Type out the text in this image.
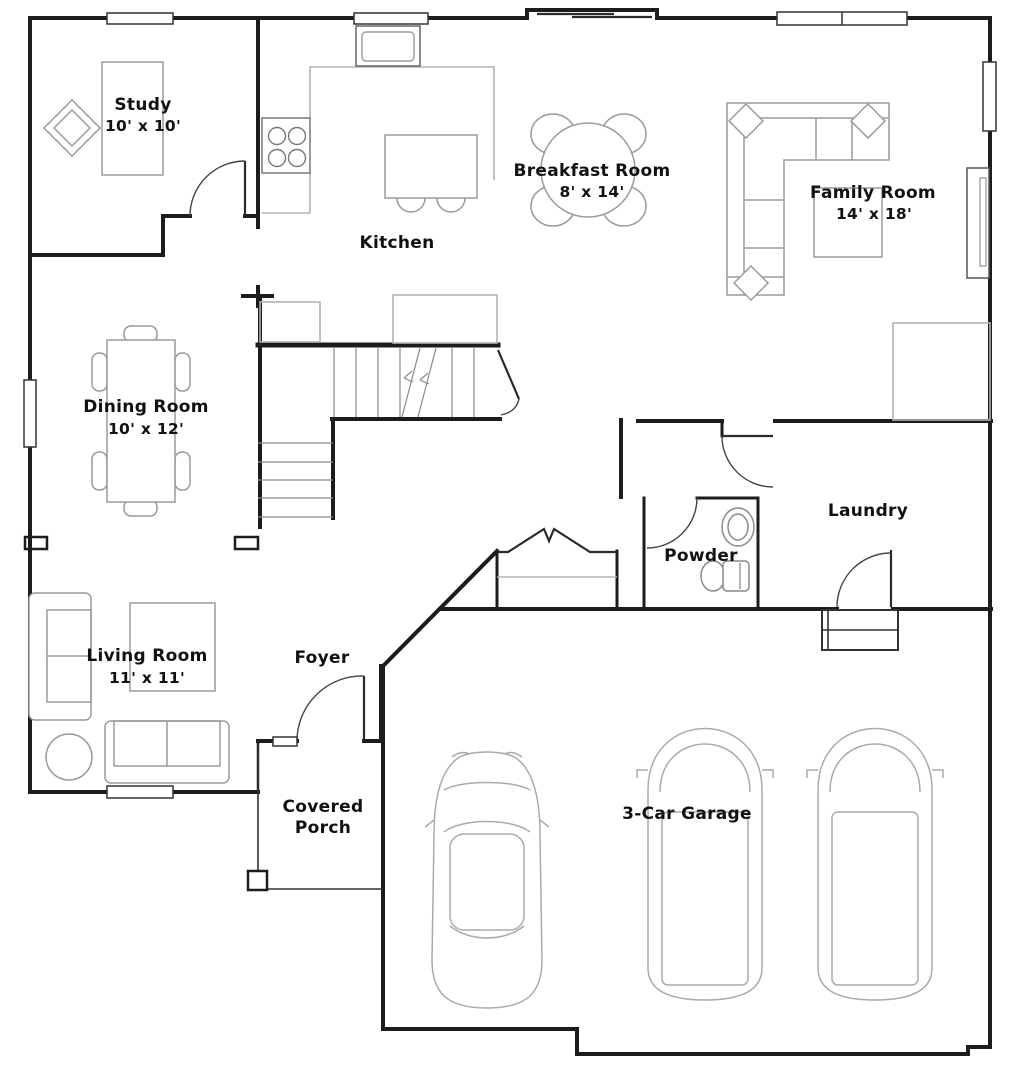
Study
10' x 10'
Kitchen
Breakfast Room
8' x 14'	Family Room
14' x 18'
Dining Room
10' x 12'
Laundry
Powder
Living Room
11' x 11'
Foyer
Covered
Porch
3-Car Garage
